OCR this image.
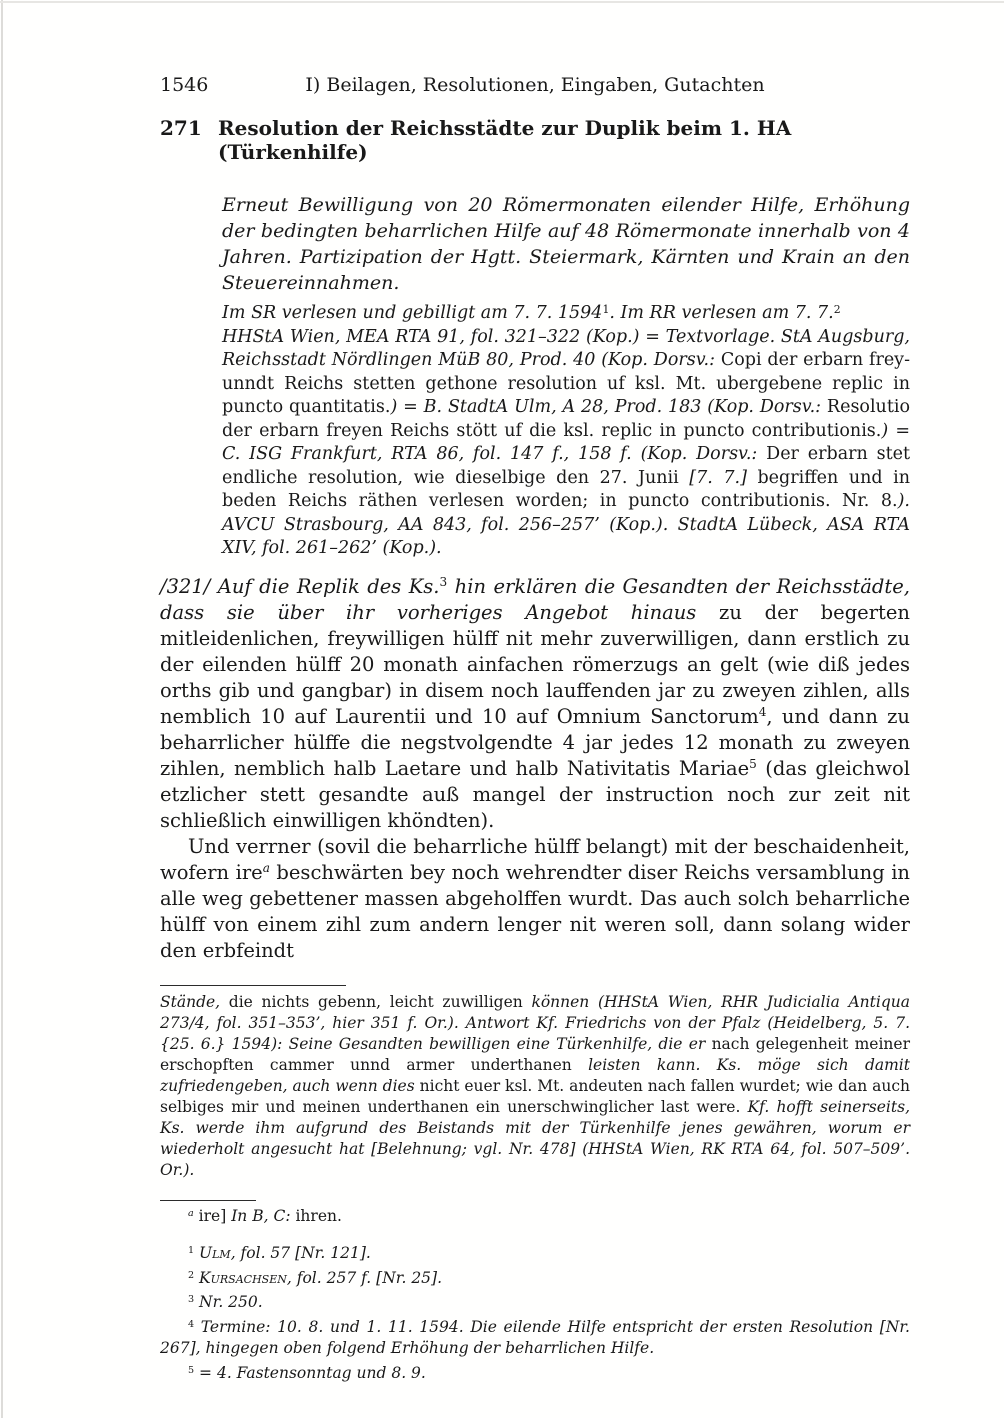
1546	I) Beilagen, Resolutionen, Eingaben, Gutachten
271 Resolution der Reichsstädte zur Duplik beim 1. HA (Türkenhilfe)
Erneut Bewilligung von 20 Römermonaten eilender Hilfe, Erhöhung der bedingten beharrlichen Hilfe auf 48 Römermonate innerhalb von 4 Jahren. Partizipation der Hgtt. Steiermark, Kärnten und Krain an den Steuereinnahmen.
Im SR verlesen und gebilligt am 7. 7. 1594$^1$. Im RR verlesen am 7. 7.$^2$
HHStA Wien, MEA RTA 91, fol. 321–322 (Kop.) = Textvorlage. StA Augsburg, Reichsstadt Nördlingen MüB 80, Prod. 40 (Kop. Dorsv.: Copi der erbarn frey- unndt Reichs stetten gethone resolution uf ksl. Mt. ubergebene replic in puncto quantitatis.) = B. StadtA Ulm, A 28, Prod. 183 (Kop. Dorsv.: Resolutio der erbarn freyen Reichs stött uf die ksl. replic in puncto contributionis.) = C. ISG Frankfurt, RTA 86, fol. 147 f., 158 f. (Kop. Dorsv.: Der erbarn stet endliche resolution, wie dieselbige den 27. Junii [7. 7.] begriffen und in beden Reichs räthen verlesen worden; in puncto contributionis. Nr. 8.). AVCU Strasbourg, AA 843, fol. 256–257’ (Kop.). StadtA Lübeck, ASA RTA XIV, fol. 261–262’ (Kop.).
/321/ Auf die Replik des Ks.$^3$ hin erklären die Gesandten der Reichsstädte, dass sie über ihr vorheriges Angebot hinaus zu der begerten mitleidenlichen, freywilligen hülff nit mehr zuverwilligen, dann erstlich zu der eilenden hülff 20 monath ainfachen römerzugs an gelt (wie diß jedes orths gib und gangbar) in disem noch lauffenden jar zu zweyen zihlen, alls nemblich 10 auf Laurentii und 10 auf Omnium Sanctorum$^4$, und dann zu beharrlicher hülffe die negstvolgendte 4 jar jedes 12 monath zu zweyen zihlen, nemblich halb Laetare und halb Nativitatis Mariae$^5$ (das gleichwol etzlicher stett gesandte auß mangel der instruction noch zur zeit nit schließlich einwilligen khöndten).
Und verrner (sovil die beharrliche hülff belangt) mit der beschaidenheit, wofern ire$^a$ beschwärten bey noch wehrendter diser Reichs versamblung in alle weg gebettener massen abgeholffen wurdt. Das auch solch beharrliche hülff von einem zihl zum andern lenger nit weren soll, dann solang wider den erbfeindt
Stände, die nichts gebenn, leicht zuwilligen können (HHStA Wien, RHR Judicialia Antiqua 273/4, fol. 351–353’, hier 351 f. Or.). Antwort Kf. Friedrichs von der Pfalz (Heidelberg, 5. 7. {25. 6.} 1594): Seine Gesandten bewilligen eine Türkenhilfe, die er nach gelegenheit meiner erschopften cammer unnd armer underthanen leisten kann. Ks. möge sich damit zufriedengeben, auch wenn dies nicht euer ksl. Mt. andeuten nach fallen wurdet; wie dan auch selbiges mir und meinen underthanen ein unerschwinglicher last were. Kf. hofft seinerseits, Ks. werde ihm aufgrund des Beistands mit der Türkenhilfe jenes gewähren, worum er wiederholt angesucht hat [Belehnung; vgl. Nr. 478] (HHStA Wien, RK RTA 64, fol. 507–509’. Or.).
$^a$ ire] In B, C: ihren.
$^1$ Ulm, fol. 57 [Nr. 121].
$^2$ Kursachsen, fol. 257 f. [Nr. 25].
$^3$ Nr. 250.
$^4$ Termine: 10. 8. und 1. 11. 1594. Die eilende Hilfe entspricht der ersten Resolution [Nr. 267], hingegen oben folgend Erhöhung der beharrlichen Hilfe.
$^5$ = 4. Fastensonntag und 8. 9.
